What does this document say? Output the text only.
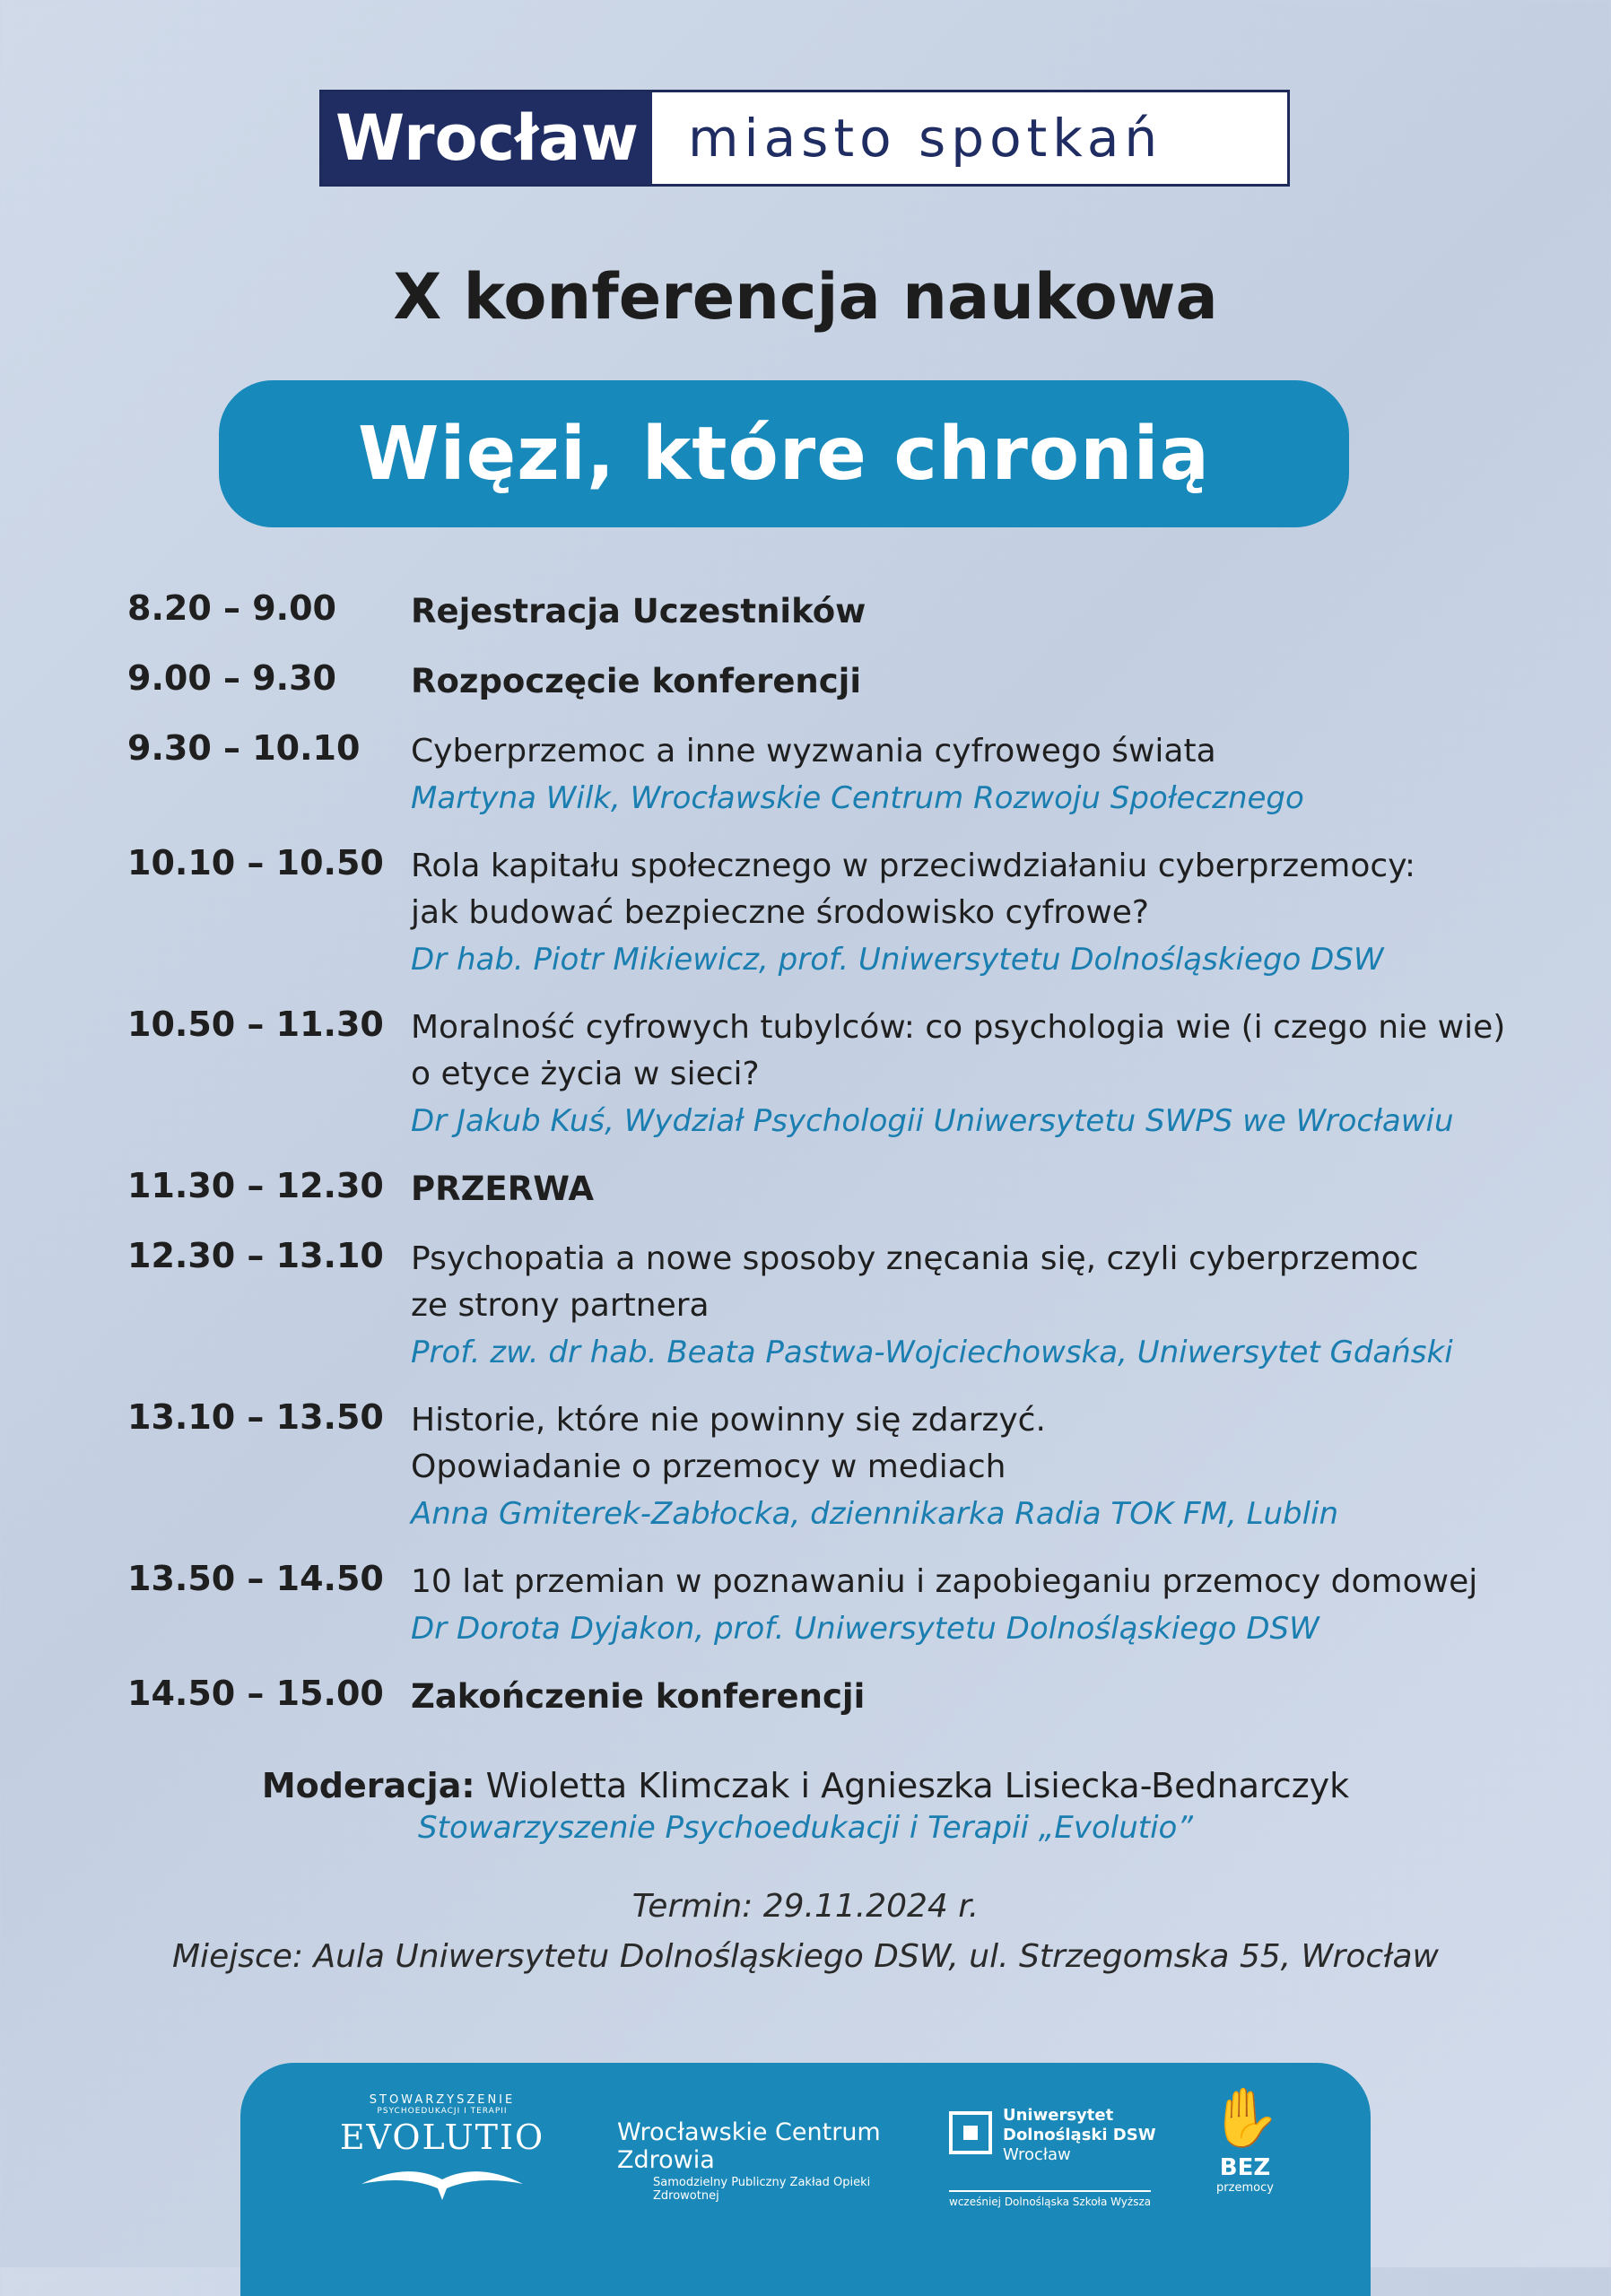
Wrocław miasto spotkań
X konferencja naukowa
Więzi, które chronią
8.20 – 9.00 Rejestracja Uczestników
9.00 – 9.30 Rozpoczęcie konferencji
9.30 – 10.10 Cyberprzemoc a inne wyzwania cyfrowego świata
Martyna Wilk, Wrocławskie Centrum Rozwoju Społecznego
10.10 – 10.50 Rola kapitału społecznego w przeciwdziałaniu cyberprzemocy:
jak budować bezpieczne środowisko cyfrowe?
Dr hab. Piotr Mikiewicz, prof. Uniwersytetu Dolnośląskiego DSW
10.50 – 11.30 Moralność cyfrowych tubylców: co psychologia wie (i czego nie wie)
o etyce życia w sieci?
Dr Jakub Kuś, Wydział Psychologii Uniwersytetu SWPS we Wrocławiu
11.30 – 12.30 PRZERWA
12.30 – 13.10 Psychopatia a nowe sposoby znęcania się, czyli cyberprzemoc
ze strony partnera
Prof. zw. dr hab. Beata Pastwa-Wojciechowska, Uniwersytet Gdański
13.10 – 13.50 Historie, które nie powinny się zdarzyć.
Opowiadanie o przemocy w mediach
Anna Gmiterek-Zabłocka, dziennikarka Radia TOK FM, Lublin
13.50 – 14.50 10 lat przemian w poznawaniu i zapobieganiu przemocy domowej
Dr Dorota Dyjakon, prof. Uniwersytetu Dolnośląskiego DSW
14.50 – 15.00 Zakończenie konferencji
Moderacja: Wioletta Klimczak i Agnieszka Lisiecka-Bednarczyk
Stowarzyszenie Psychoedukacji i Terapii „Evolutio”
Termin: 29.11.2024 r.
Miejsce: Aula Uniwersytetu Dolnośląskiego DSW, ul. Strzegomska 55, Wrocław
STOWARZYSZENIE
PSYCHOEDUKACJI I TERAPII
EVOLUTIO	Wrocławskie Centrum Zdrowia
Samodzielny Publiczny Zakład Opieki Zdrowotnej
Uniwersytet
Dolnośląski DSW
Wrocław
wcześniej Dolnośląska Szkoła Wyższa
✋
BEZ
przemocy
